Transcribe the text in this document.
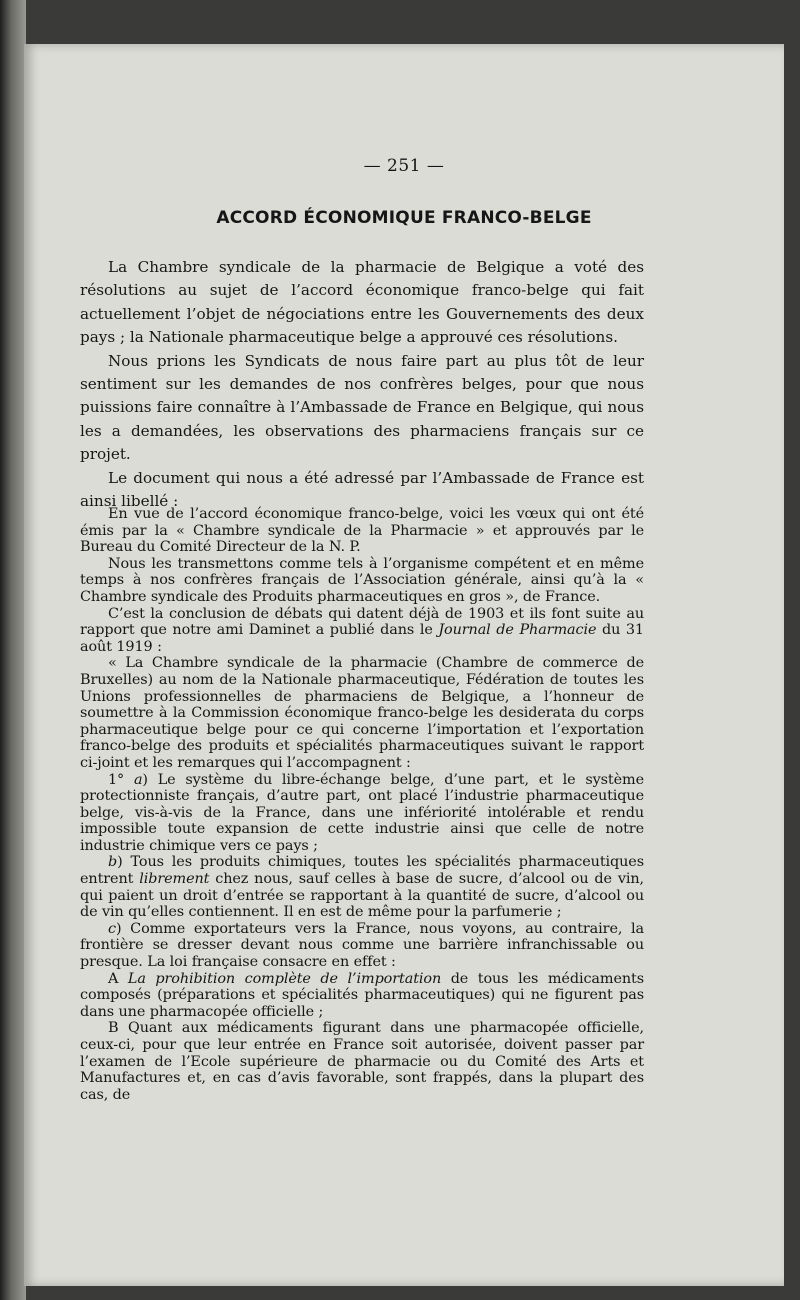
— 251 —
ACCORD ÉCONOMIQUE FRANCO-BELGE

La Chambre syndicale de la pharmacie de Belgique a voté des résolutions au sujet de l’accord économique franco-belge qui fait actuellement l’objet de négociations entre les Gouvernements des deux pays ; la Nationale pharmaceutique belge a approuvé ces résolutions.

Nous prions les Syndicats de nous faire part au plus tôt de leur sentiment sur les demandes de nos confrères belges, pour que nous puissions faire connaître à l’Ambassade de France en Belgique, qui nous les a demandées, les observations des pharmaciens français sur ce projet.

Le document qui nous a été adressé par l’Ambassade de France est ainsi libellé :

En vue de l’accord économique franco-belge, voici les vœux qui ont été émis par la « Chambre syndicale de la Pharmacie » et approuvés par le Bureau du Comité Directeur de la N. P.

Nous les transmettons comme tels à l’organisme compétent et en même temps à nos confrères français de l’Association générale, ainsi qu’à la « Chambre syndicale des Produits pharmaceutiques en gros », de France.

C’est la conclusion de débats qui datent déjà de 1903 et ils font suite au rapport que notre ami Daminet a publié dans le Journal de Pharmacie du 31 août 1919 :

« La Chambre syndicale de la pharmacie (Chambre de commerce de Bruxelles) au nom de la Nationale pharmaceutique, Fédération de toutes les Unions professionnelles de pharmaciens de Belgique, a l’honneur de soumettre à la Commission économique franco-belge les desiderata du corps pharmaceutique belge pour ce qui concerne l’importation et l’exportation franco-belge des produits et spécialités pharmaceutiques suivant le rapport ci-joint et les remarques qui l’accompagnent :

1° a) Le système du libre-échange belge, d’une part, et le système protectionniste français, d’autre part, ont placé l’industrie pharmaceutique belge, vis-à-vis de la France, dans une infériorité intolérable et rendu impossible toute expansion de cette industrie ainsi que celle de notre industrie chimique vers ce pays ;

b) Tous les produits chimiques, toutes les spécialités pharmaceutiques entrent librement chez nous, sauf celles à base de sucre, d’alcool ou de vin, qui paient un droit d’entrée se rapportant à la quantité de sucre, d’alcool ou de vin qu’elles contiennent. Il en est de même pour la parfumerie ;

c) Comme exportateurs vers la France, nous voyons, au contraire, la frontière se dresser devant nous comme une barrière infranchissable ou presque. La loi française consacre en effet :

A La prohibition complète de l’importation de tous les médicaments composés (préparations et spécialités pharmaceutiques) qui ne figurent pas dans une pharmacopée officielle ;

B Quant aux médicaments figurant dans une pharmacopée officielle, ceux-ci, pour que leur entrée en France soit autorisée, doivent passer par l’examen de l’Ecole supérieure de pharmacie ou du Comité des Arts et Manufactures et, en cas d’avis favorable, sont frappés, dans la plupart des cas, de
